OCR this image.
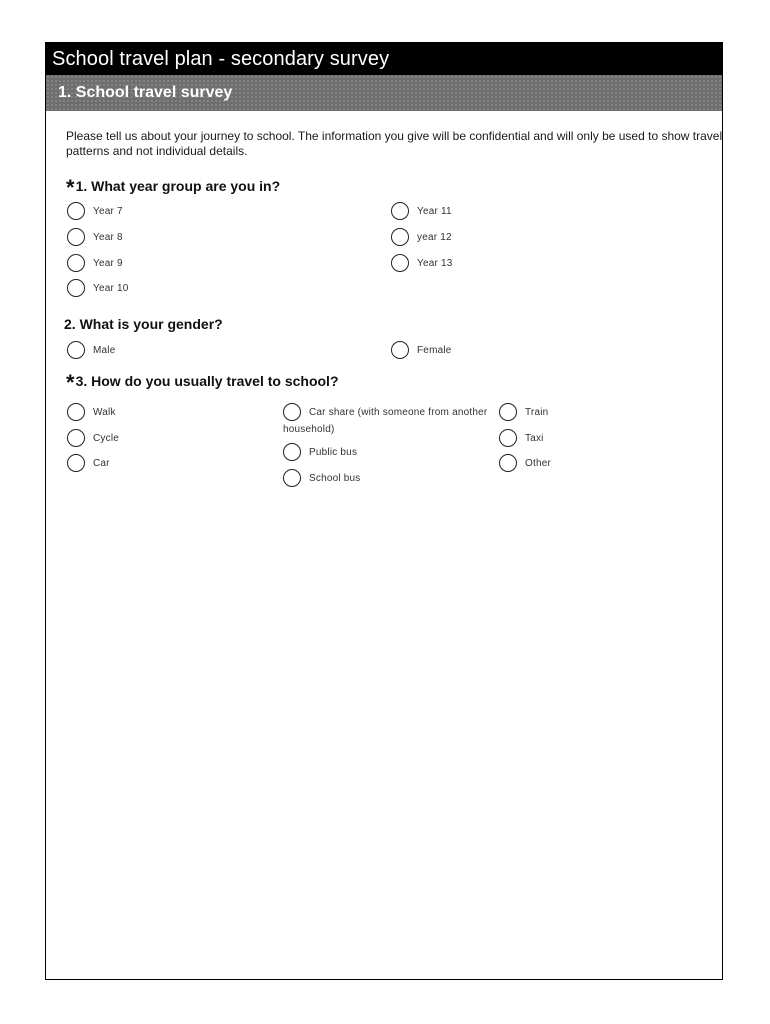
School travel plan - secondary survey
1. School travel survey
Please tell us about your journey to school. The information you give will be confidential and will only be used to show travel patterns and not individual details.
*1. What year group are you in?
Year 7
Year 8
Year 9
Year 10
Year 11
year 12
Year 13
2. What is your gender?
Male	Female
*3. How do you usually travel to school?
Walk
Cycle
Car
Car share (with someone from another
household)
Public bus
School bus
Train
Taxi
Other
